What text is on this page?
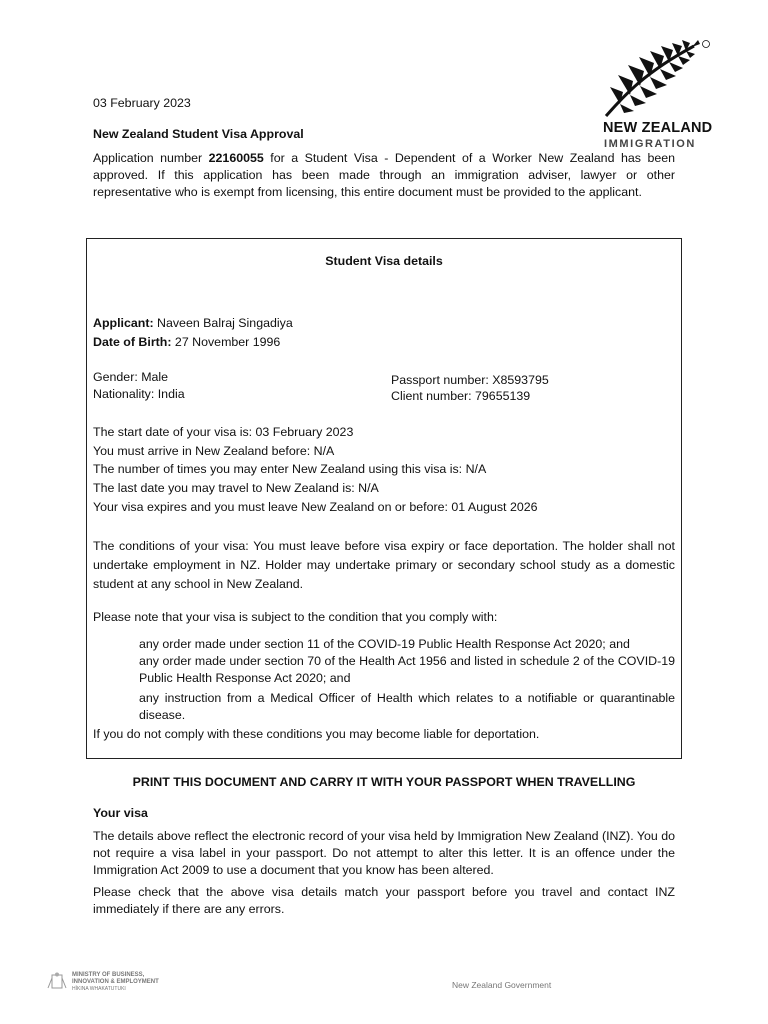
NEW ZEALAND
IMMIGRATION
03 February 2023
New Zealand Student Visa Approval
Application number 22160055 for a Student Visa - Dependent of a Worker New Zealand has been approved. If this application has been made through an immigration adviser, lawyer or other representative who is exempt from licensing, this entire document must be provided to the applicant.
Student Visa details
Applicant: Naveen Balraj Singadiya
Date of Birth: 27 November 1996
Gender: Male
Nationality: India
Passport number: X8593795
Client number: 79655139
The start date of your visa is: 03 February 2023
You must arrive in New Zealand before: N/A
The number of times you may enter New Zealand using this visa is: N/A
The last date you may travel to New Zealand is: N/A
Your visa expires and you must leave New Zealand on or before: 01 August 2026
The conditions of your visa: You must leave before visa expiry or face deportation. The holder shall not undertake employment in NZ. Holder may undertake primary or secondary school study as a domestic student at any school in New Zealand.
Please note that your visa is subject to the condition that you comply with:
any order made under section 11 of the COVID-19 Public Health Response Act 2020; and
any order made under section 70 of the Health Act 1956 and listed in schedule 2 of the COVID-19 Public Health Response Act 2020; and
any instruction from a Medical Officer of Health which relates to a notifiable or quarantinable disease.
If you do not comply with these conditions you may become liable for deportation.
PRINT THIS DOCUMENT AND CARRY IT WITH YOUR PASSPORT WHEN TRAVELLING
Your visa
The details above reflect the electronic record of your visa held by Immigration New Zealand (INZ). You do not require a visa label in your passport. Do not attempt to alter this letter. It is an offence under the Immigration Act 2009 to use a document that you know has been altered.
Please check that the above visa details match your passport before you travel and contact INZ immediately if there are any errors.
MINISTRY OF BUSINESS,
INNOVATION & EMPLOYMENT
HĪKINA WHAKATUTUKI	New Zealand Government
